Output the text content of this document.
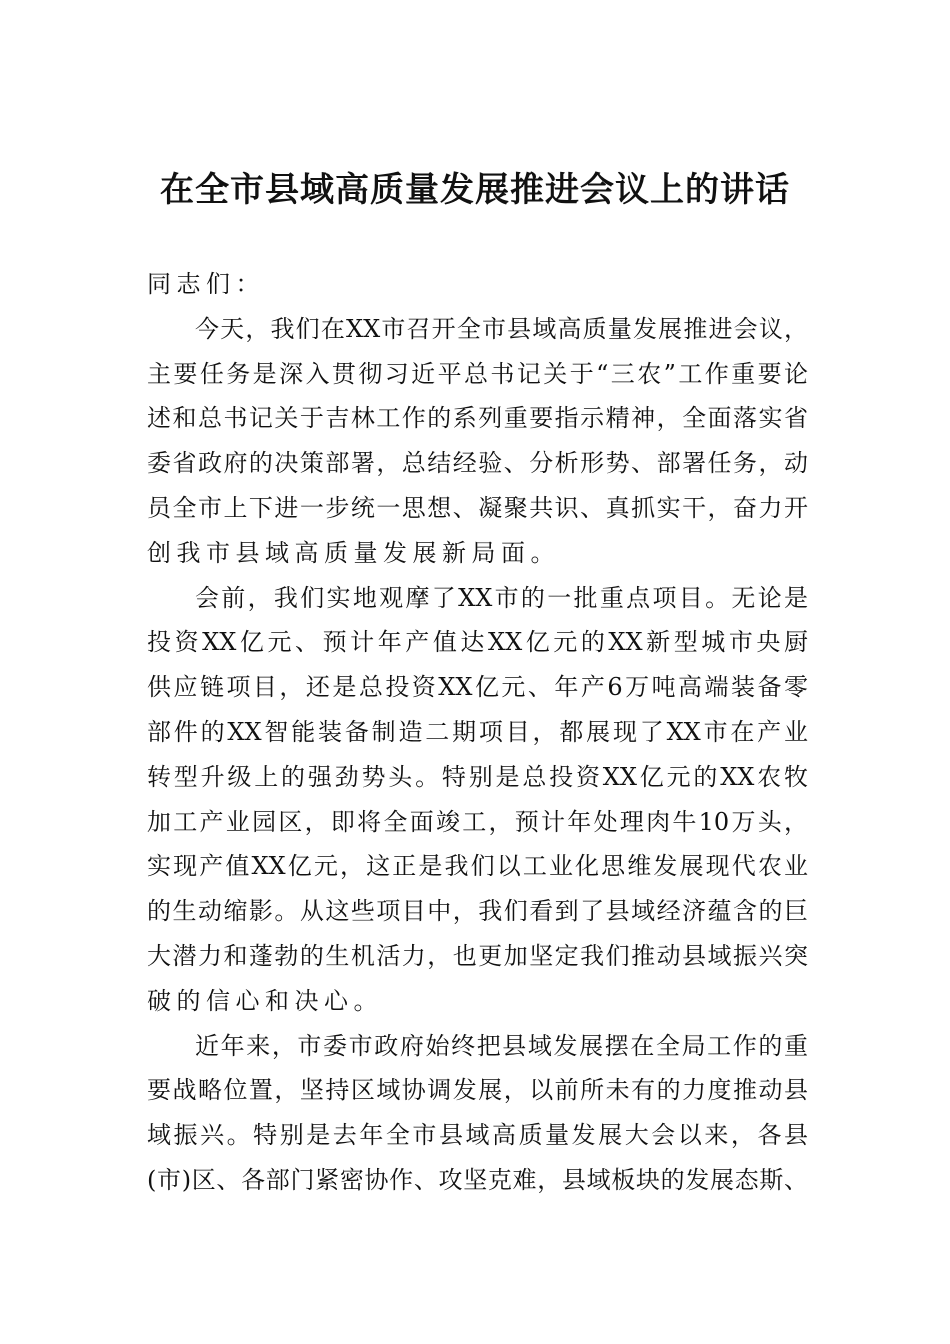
在全市县域高质量发展推进会议上的讲话
同志们：
今天，我们在XX市召开全市县域高质量发展推进会议，
主要任务是深入贯彻习近平总书记关于“三农”工作重要论
述和总书记关于吉林工作的系列重要指示精神，全面落实省
委省政府的决策部署，总结经验、分析形势、部署任务，动
员全市上下进一步统一思想、凝聚共识、真抓实干，奋力开
创我市县域高质量发展新局面。
会前，我们实地观摩了XX市的一批重点项目。无论是
投资XX亿元、预计年产值达XX亿元的XX新型城市央厨
供应链项目，还是总投资XX亿元、年产6万吨高端装备零
部件的XX智能装备制造二期项目，都展现了XX市在产业
转型升级上的强劲势头。特别是总投资XX亿元的XX农牧
加工产业园区，即将全面竣工，预计年处理肉牛10万头，
实现产值XX亿元，这正是我们以工业化思维发展现代农业
的生动缩影。从这些项目中，我们看到了县域经济蕴含的巨
大潜力和蓬勃的生机活力，也更加坚定我们推动县域振兴突
破的信心和决心。
近年来，市委市政府始终把县域发展摆在全局工作的重
要战略位置，坚持区域协调发展，以前所未有的力度推动县
域振兴。特别是去年全市县域高质量发展大会以来，各县
(市)区、各部门紧密协作、攻坚克难，县域板块的发展态斯、
